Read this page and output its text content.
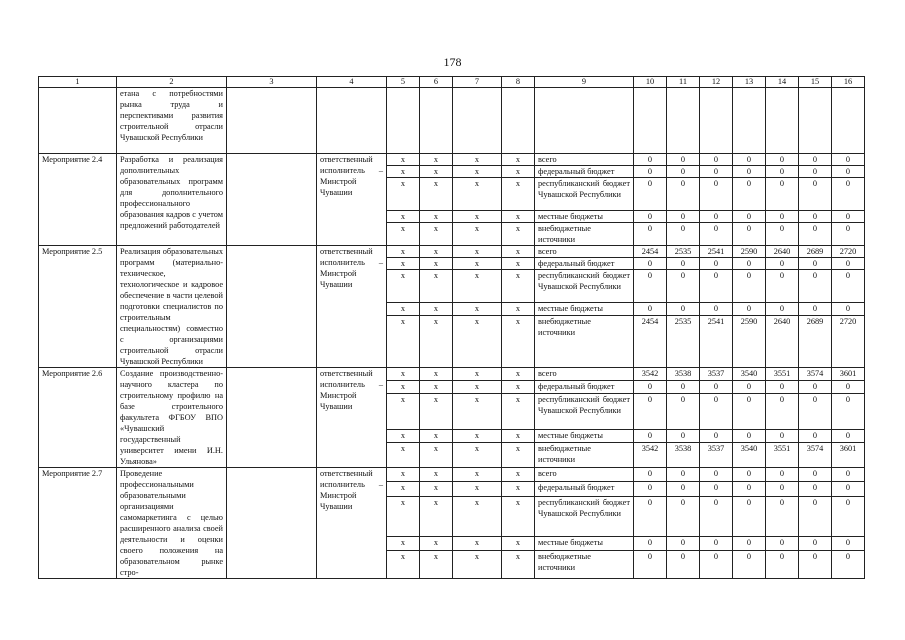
178
1	2	3	4	5	6	7	8	9	10	11	12	13	14	15	16
	етана с потребностями рынка труда и перспективами развития строительной отрасли Чувашской Республики														
Мероприятие 2.4	Разработка и реализация дополнительных образовательных программ для дополнительного профессионального образования кадров с учетом предложений работодателей		ответственный исполнитель – Минстрой Чувашии	x	x	x	x	всего	0	0	0	0	0	0	0
				x	x	x	x	федеральный бюджет	0	0	0	0	0	0	0
				x	x	x	x	республиканский бюджет Чувашской Республики	0	0	0	0	0	0	0
				x	x	x	x	местные бюджеты	0	0	0	0	0	0	0
				x	x	x	x	внебюджетные источники	0	0	0	0	0	0	0
Мероприятие 2.5	Реализация образовательных программ (материально-техническое, технологическое и кадровое обеспечение в части целевой подготовки специалистов по строительным специальностям) совместно с организациями строительной отрасли Чувашской Республики		ответственный исполнитель – Минстрой Чувашии	x	x	x	x	всего	2454	2535	2541	2590	2640	2689	2720
				x	x	x	x	федеральный бюджет	0	0	0	0	0	0	0
				x	x	x	x	республиканский бюджет Чувашской Республики	0	0	0	0	0	0	0
				x	x	x	x	местные бюджеты	0	0	0	0	0	0	0
				x	x	x	x	внебюджетные источники	2454	2535	2541	2590	2640	2689	2720
Мероприятие 2.6	Создание производственно-научного кластера по строительному профилю на базе строительного факультета ФГБОУ ВПО «Чувашский государственный университет имени И.Н. Ульянова»		ответственный исполнитель – Минстрой Чувашии	x	x	x	x	всего	3542	3538	3537	3540	3551	3574	3601
				x	x	x	x	федеральный бюджет	0	0	0	0	0	0	0
				x	x	x	x	республиканский бюджет Чувашской Республики	0	0	0	0	0	0	0
				x	x	x	x	местные бюджеты	0	0	0	0	0	0	0
				x	x	x	x	внебюджетные источники	3542	3538	3537	3540	3551	3574	3601
Мероприятие 2.7	Проведение профессиональными образовательными организациями самомаркетинга с целью расширенного анализа своей деятельности и оценки своего положения на образовательном рынке стро-		ответственный исполнитель – Минстрой Чувашии	x	x	x	x	всего	0	0	0	0	0	0	0
				x	x	x	x	федеральный бюджет	0	0	0	0	0	0	0
				x	x	x	x	республиканский бюджет Чувашской Республики	0	0	0	0	0	0	0
				x	x	x	x	местные бюджеты	0	0	0	0	0	0	0
				x	x	x	x	внебюджетные источники	0	0	0	0	0	0	0
